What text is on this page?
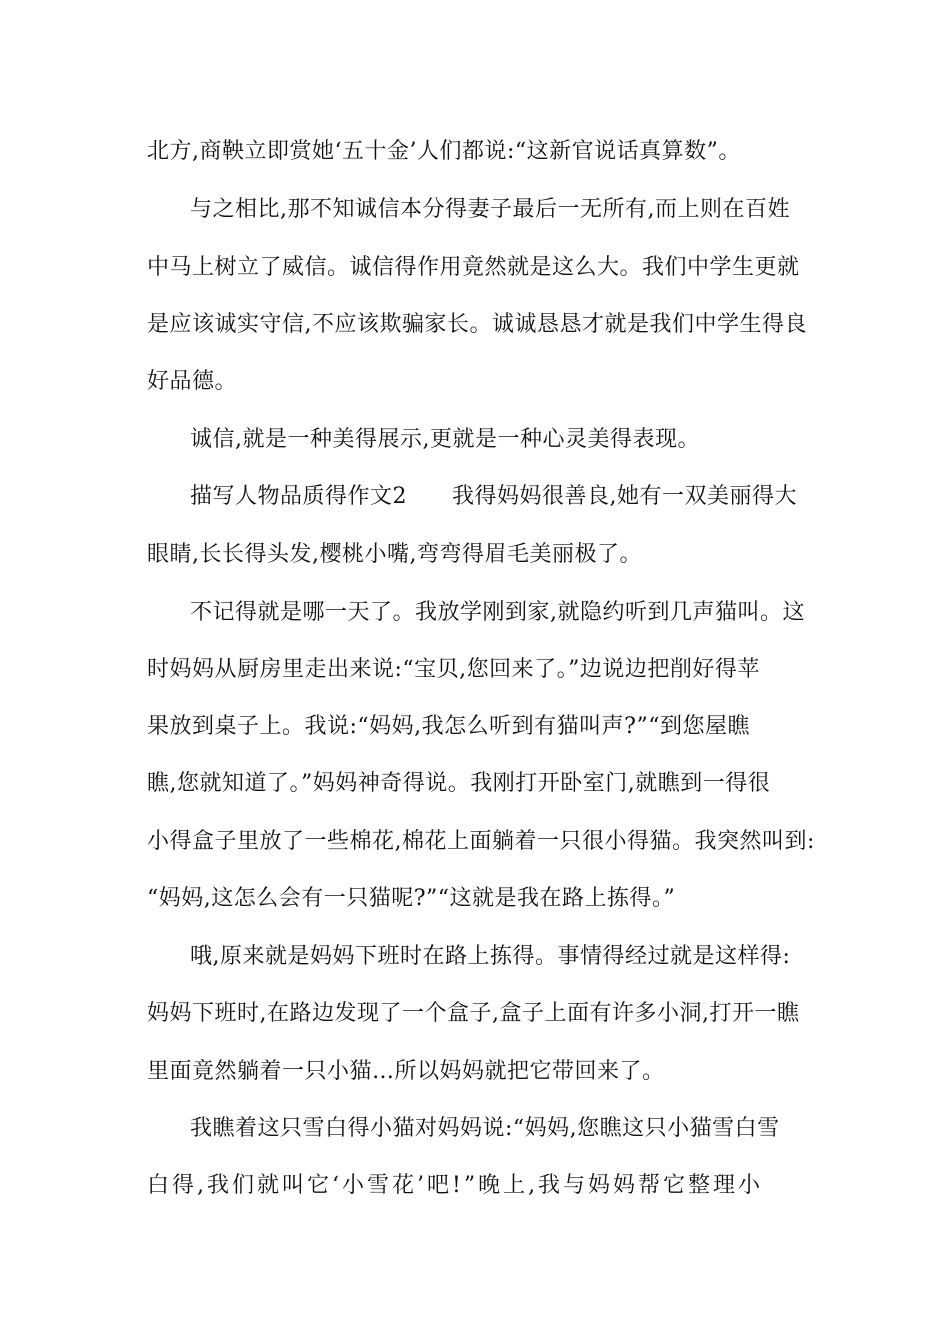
北方,商鞅立即赏她‘五十金’人们都说:“这新官说话真算数”。
与之相比,那不知诚信本分得妻子最后一无所有,而上则在百姓
中马上树立了威信。诚信得作用竟然就是这么大。我们中学生更就
是应该诚实守信,不应该欺骗家长。诚诚恳恳才就是我们中学生得良
好品德。
诚信,就是一种美得展示,更就是一种心灵美得表现。
描写人物品质得作文2　　我得妈妈很善良,她有一双美丽得大
眼睛,长长得头发,樱桃小嘴,弯弯得眉毛美丽极了。
不记得就是哪一天了。我放学刚到家,就隐约听到几声猫叫。这
时妈妈从厨房里走出来说:“宝贝,您回来了。”边说边把削好得苹
果放到桌子上。我说:“妈妈,我怎么听到有猫叫声?”“到您屋瞧
瞧,您就知道了。”妈妈神奇得说。我刚打开卧室门,就瞧到一得很
小得盒子里放了一些棉花,棉花上面躺着一只很小得猫。我突然叫到:
“妈妈,这怎么会有一只猫呢?”“这就是我在路上拣得。”
哦,原来就是妈妈下班时在路上拣得。事情得经过就是这样得:
妈妈下班时,在路边发现了一个盒子,盒子上面有许多小洞,打开一瞧
里面竟然躺着一只小猫…所以妈妈就把它带回来了。
我瞧着这只雪白得小猫对妈妈说:“妈妈,您瞧这只小猫雪白雪
白得,我们就叫它‘小雪花’吧!”晚上,我与妈妈帮它整理小
